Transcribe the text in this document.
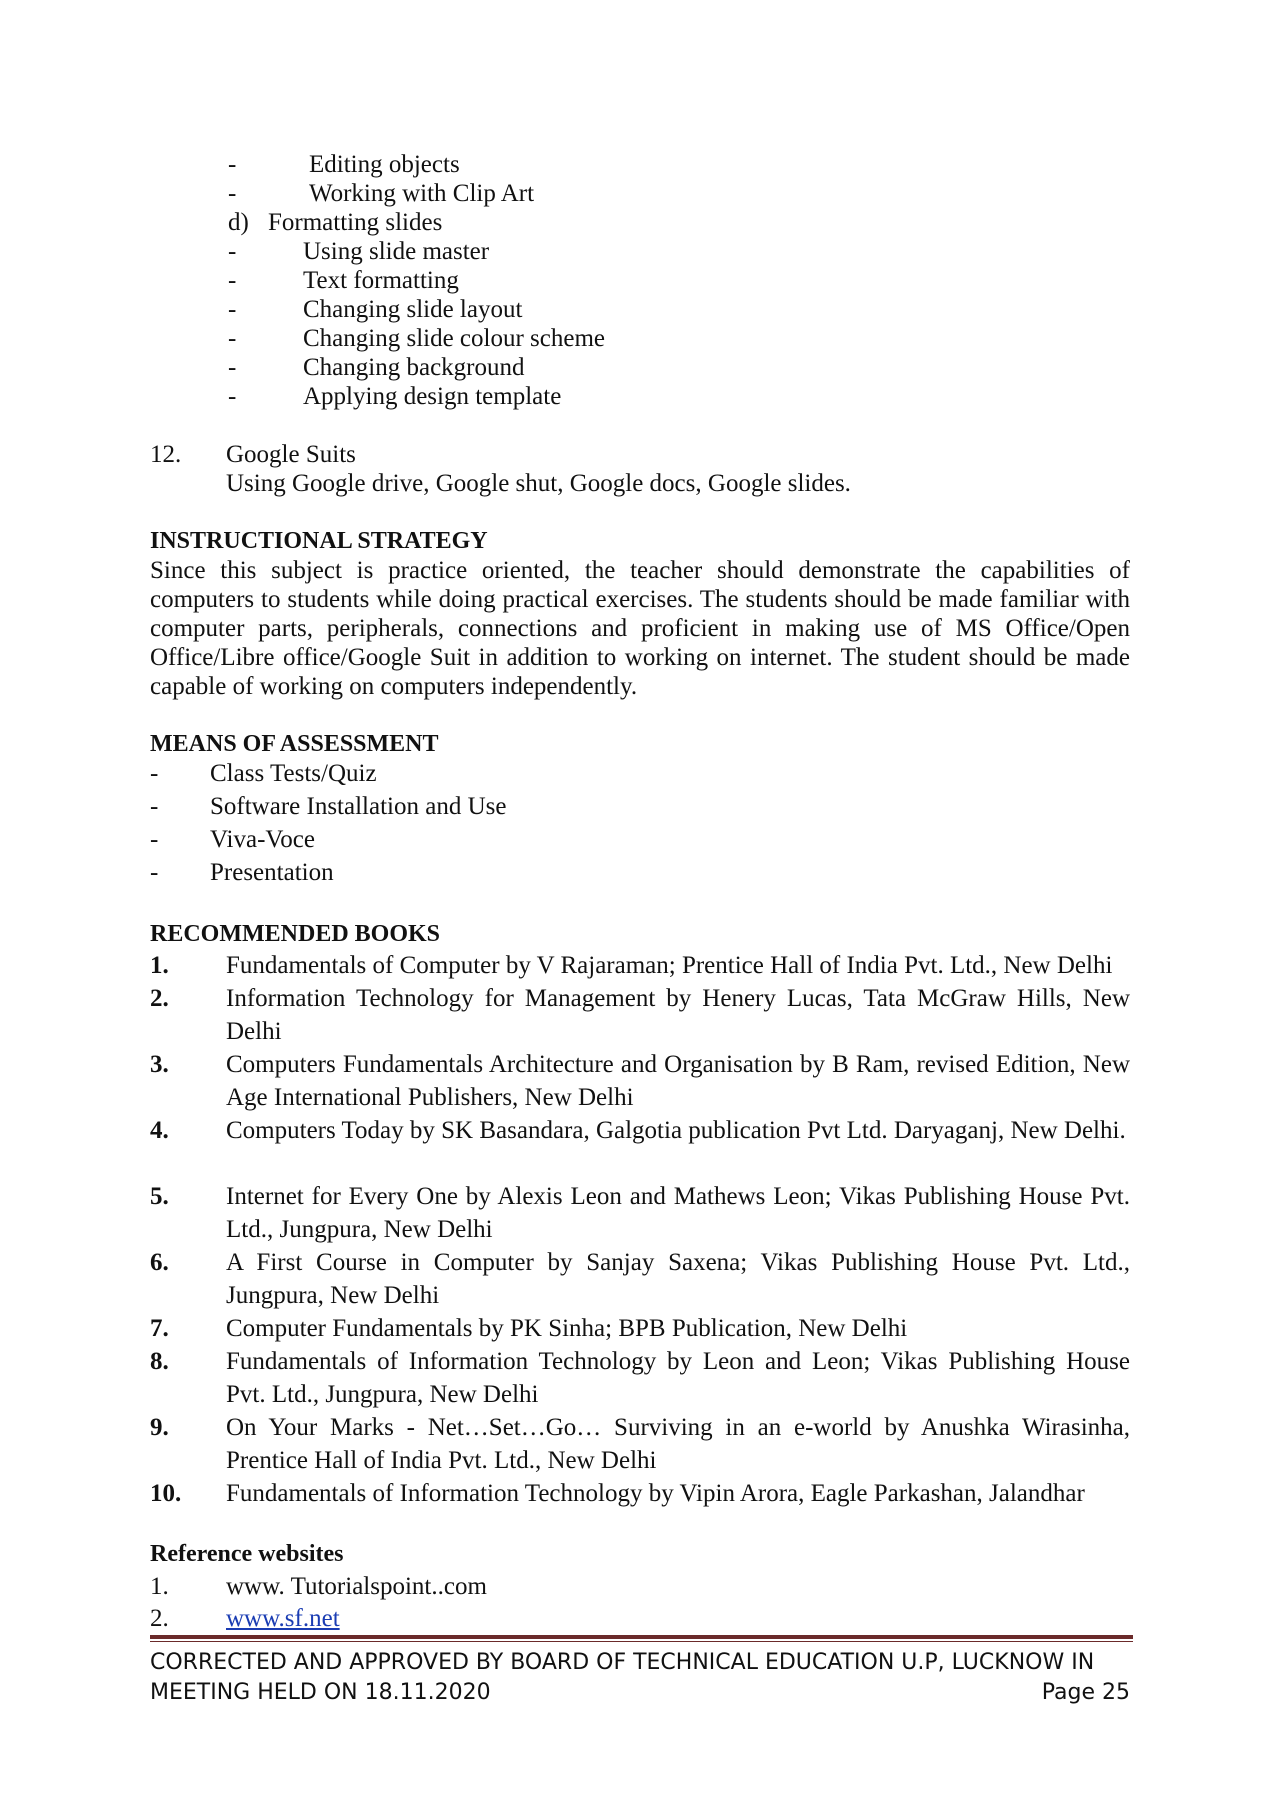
-	Editing objects
-	Working with Clip Art
d) Formatting slides
-	Using slide master
-	Text formatting
-	Changing slide layout
-	Changing slide colour scheme
-	Changing background
-	Applying design template
12. Google Suits
Using Google drive, Google shut, Google docs, Google slides.
INSTRUCTIONAL STRATEGY
Since this subject is practice oriented, the teacher should demonstrate the capabilities of computers to students while doing practical exercises. The students should be made familiar with computer parts, peripherals, connections and proficient in making use of MS Office/Open Office/Libre office/Google Suit in addition to working on internet. The student should be made capable of working on computers independently.
MEANS OF ASSESSMENT
- Class Tests/Quiz
- Software Installation and Use
- Viva-Voce
- Presentation
RECOMMENDED BOOKS
1. Fundamentals of Computer by V Rajaraman; Prentice Hall of India Pvt. Ltd., New Delhi
2. Information Technology for Management by Henery Lucas, Tata McGraw Hills, New Delhi
3. Computers Fundamentals Architecture and Organisation by B Ram, revised Edition, New Age International Publishers, New Delhi
4. Computers Today by SK Basandara, Galgotia publication Pvt Ltd. Daryaganj, New Delhi.
5. Internet for Every One by Alexis Leon and Mathews Leon; Vikas Publishing House Pvt. Ltd., Jungpura, New Delhi
6. A First Course in Computer by Sanjay Saxena; Vikas Publishing House Pvt. Ltd., Jungpura, New Delhi
7. Computer Fundamentals by PK Sinha; BPB Publication, New Delhi
8. Fundamentals of Information Technology by Leon and Leon; Vikas Publishing House Pvt. Ltd., Jungpura, New Delhi
9. On Your Marks - Net…Set…Go… Surviving in an e-world by Anushka Wirasinha, Prentice Hall of India Pvt. Ltd., New Delhi
10. Fundamentals of Information Technology by Vipin Arora, Eagle Parkashan, Jalandhar
Reference websites
1. www. Tutorialspoint..com
2. www.sf.net
CORRECTED AND APPROVED BY BOARD OF TECHNICAL EDUCATION U.P, LUCKNOW IN
MEETING HELD ON 18.11.2020	Page 25
